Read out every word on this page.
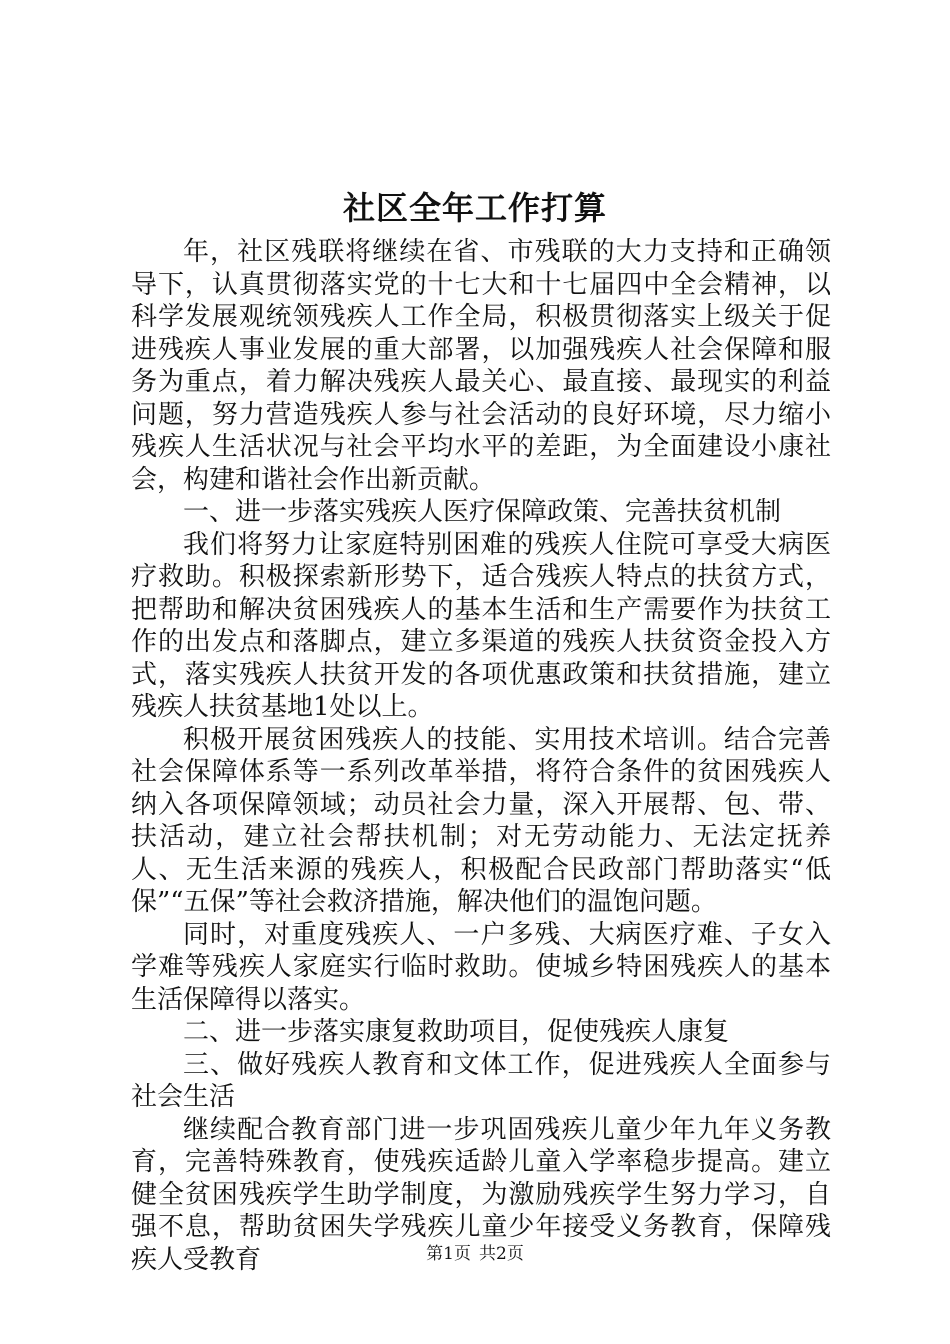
社区全年工作打算

年，社区残联将继续在省、市残联的大力支持和正确领导下，认真贯彻落实党的十七大和十七届四中全会精神，以科学发展观统领残疾人工作全局，积极贯彻落实上级关于促进残疾人事业发展的重大部署，以加强残疾人社会保障和服务为重点，着力解决残疾人最关心、最直接、最现实的利益问题，努力营造残疾人参与社会活动的良好环境，尽力缩小残疾人生活状况与社会平均水平的差距，为全面建设小康社会，构建和谐社会作出新贡献。

一、进一步落实残疾人医疗保障政策、完善扶贫机制

我们将努力让家庭特别困难的残疾人住院可享受大病医疗救助。积极探索新形势下，适合残疾人特点的扶贫方式，把帮助和解决贫困残疾人的基本生活和生产需要作为扶贫工作的出发点和落脚点，建立多渠道的残疾人扶贫资金投入方式，落实残疾人扶贫开发的各项优惠政策和扶贫措施，建立残疾人扶贫基地1处以上。

积极开展贫困残疾人的技能、实用技术培训。结合完善社会保障体系等一系列改革举措，将符合条件的贫困残疾人纳入各项保障领域；动员社会力量，深入开展帮、包、带、扶活动，建立社会帮扶机制；对无劳动能力、无法定抚养人、无生活来源的残疾人，积极配合民政部门帮助落实“低保”“五保”等社会救济措施，解决他们的温饱问题。

同时，对重度残疾人、一户多残、大病医疗难、子女入学难等残疾人家庭实行临时救助。使城乡特困残疾人的基本生活保障得以落实。

二、进一步落实康复救助项目，促使残疾人康复

三、做好残疾人教育和文体工作，促进残疾人全面参与社会生活

继续配合教育部门进一步巩固残疾儿童少年九年义务教育，完善特殊教育，使残疾适龄儿童入学率稳步提高。建立健全贫困残疾学生助学制度，为激励残疾学生努力学习，自强不息，帮助贫困失学残疾儿童少年接受义务教育，保障残疾人受教育	第1页 共2页
